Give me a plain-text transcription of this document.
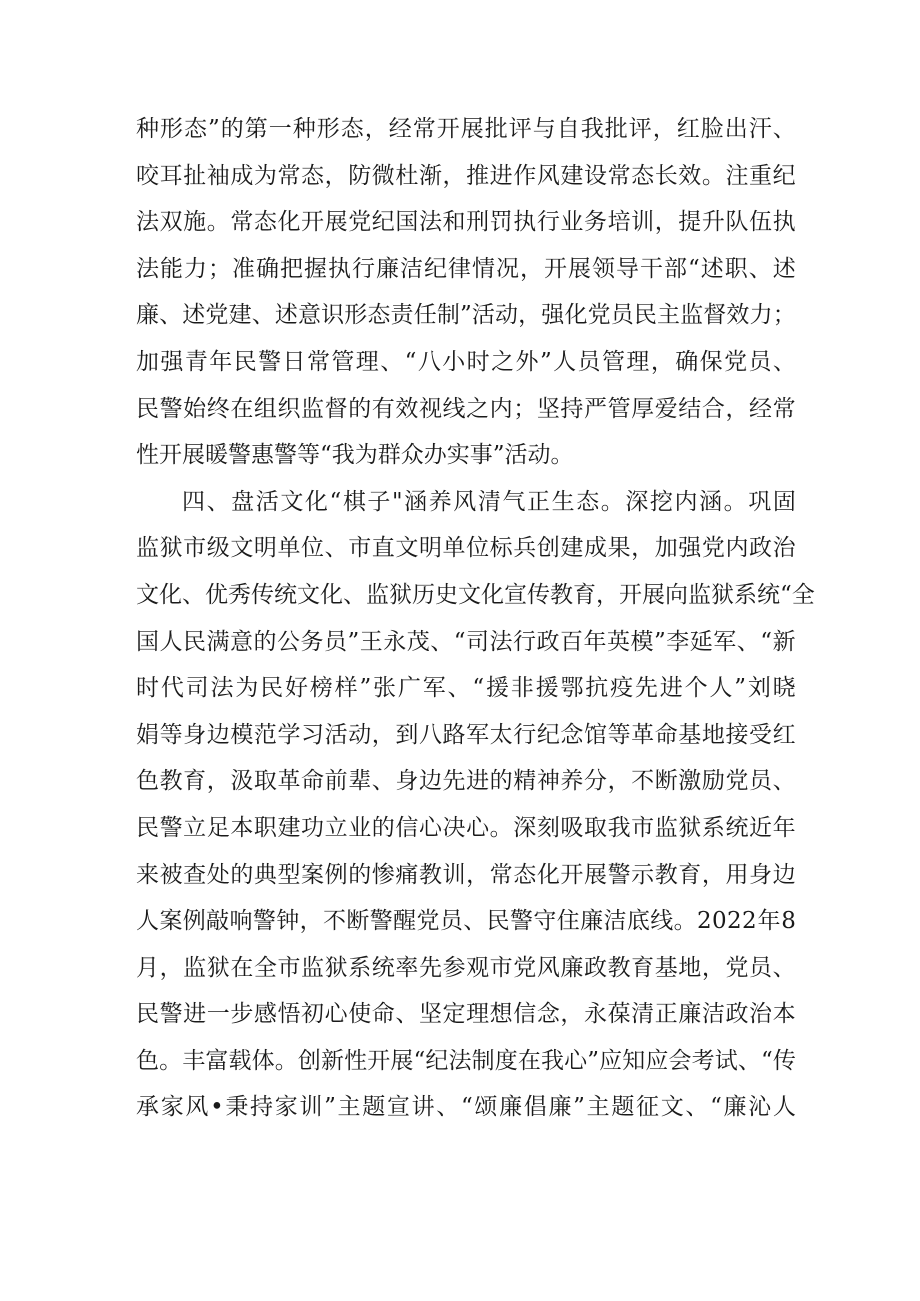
种 形 态 ” 的 第 一 种 形 态 ， 经 常 开 展 批 评 与 自 我 批 评 ， 红 脸 出 汗 、
咬 耳 扯 袖 成 为 常 态 ， 防 微 杜 渐 ， 推 进 作 风 建 设 常 态 长 效 。 注 重 纪
法 双 施 。 常 态 化 开 展 党 纪 国 法 和 刑 罚 执 行 业 务 培 训 ， 提 升 队 伍 执
法 能 力 ； 准 确 把 握 执 行 廉 洁 纪 律 情 况 ， 开 展 领 导 干 部 “ 述 职 、 述
廉 、 述 党 建 、 述 意 识 形 态 责 任 制 ” 活 动 ， 强 化 党 员 民 主 监 督 效 力 ；
加 强 青 年 民 警 日 常 管 理 、 “ 八 小 时 之 外 ” 人 员 管 理 ， 确 保 党 员 、
民 警 始 终 在 组 织 监 督 的 有 效 视 线 之 内 ； 坚 持 严 管 厚 爱 结 合 ， 经 常
性开展暖警惠警等“我为群众办实事”活动。
四 、 盘 活 文 化 “ 棋 子 " 涵 养 风 清 气 正 生 态 。 深 挖 内 涵 。 巩 固
监 狱 市 级 文 明 单 位 、 市 直 文 明 单 位 标 兵 创 建 成 果 ， 加 强 党 内 政 治
文 化 、 优 秀 传 统 文 化 、 监 狱 历 史 文 化 宣 传 教 育 ， 开 展 向 监 狱 系 统 “ 全
国 人 民 满 意 的 公 务 员 ” 王 永 茂 、 “ 司 法 行 政 百 年 英 模 ” 李 延 军 、 “ 新
时 代 司 法 为 民 好 榜 样 ” 张 广 军 、 “ 援 非 援 鄂 抗 疫 先 进 个 人 ” 刘 晓
娟 等 身 边 模 范 学 习 活 动 ， 到 八 路 军 太 行 纪 念 馆 等 革 命 基 地 接 受 红
色 教 育 ， 汲 取 革 命 前 辈 、 身 边 先 进 的 精 神 养 分 ， 不 断 激 励 党 员 、
民 警 立 足 本 职 建 功 立 业 的 信 心 决 心 。 深 刻 吸 取 我 市 监 狱 系 统 近 年
来 被 查 处 的 典 型 案 例 的 惨 痛 教 训 ， 常 态 化 开 展 警 示 教 育 ， 用 身 边
人 案 例 敲 响 警 钟 ， 不 断 警 醒 党 员 、 民 警 守 住 廉 洁 底 线 。 2 0 2 2 年 8
月 ， 监 狱 在 全 市 监 狱 系 统 率 先 参 观 市 党 风 廉 政 教 育 基 地 ， 党 员 、
民 警 进 一 步 感 悟 初 心 使 命 、 坚 定 理 想 信 念 ， 永 葆 清 正 廉 洁 政 治 本
色 。 丰 富 载 体 。 创 新 性 开 展 “ 纪 法 制 度 在 我 心 ” 应 知 应 会 考 试 、 “ 传
承 家 风 • 秉 持 家 训 ” 主 题 宣 讲 、 “ 颂 廉 倡 廉 ” 主 题 征 文 、 “ 廉 沁 人
